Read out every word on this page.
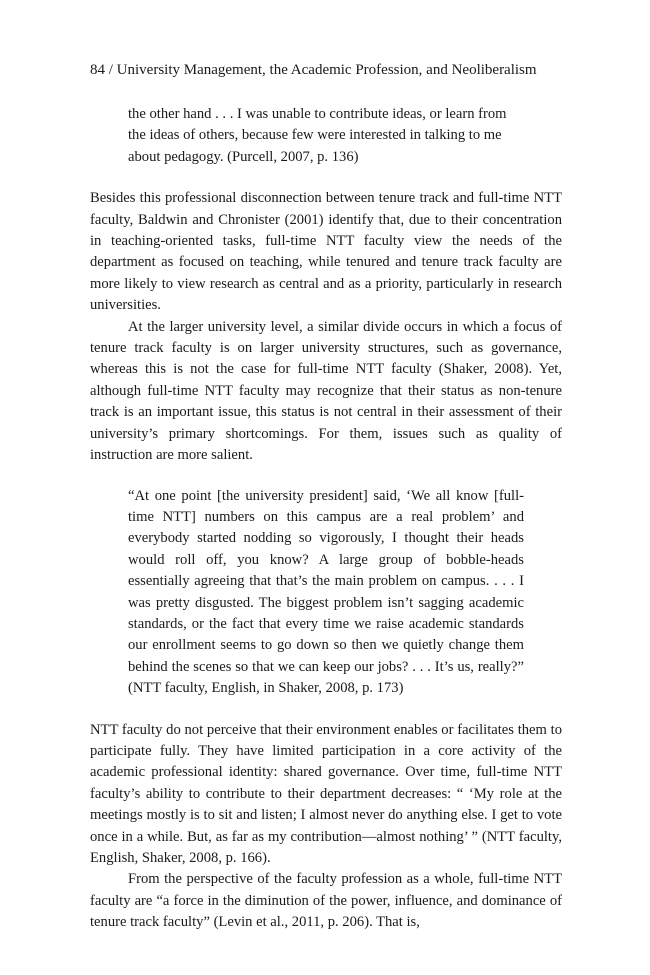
84 / University Management, the Academic Profession, and Neoliberalism

the other hand . . . I was unable to contribute ideas, or learn from the ideas of others, because few were interested in talking to me about pedagogy. (Purcell, 2007, p. 136)

Besides this professional disconnection between tenure track and full-time NTT faculty, Baldwin and Chronister (2001) identify that, due to their concentration in teaching-oriented tasks, full-time NTT faculty view the needs of the department as focused on teaching, while tenured and tenure track faculty are more likely to view research as central and as a priority, particularly in research universities.

At the larger university level, a similar divide occurs in which a focus of tenure track faculty is on larger university structures, such as governance, whereas this is not the case for full-time NTT faculty (Shaker, 2008). Yet, although full-time NTT faculty may recognize that their status as non-tenure track is an important issue, this status is not central in their assessment of their university’s primary shortcomings. For them, issues such as quality of instruction are more salient.

“At one point [the university president] said, ‘We all know [full-time NTT] numbers on this campus are a real problem’ and everybody started nodding so vigorously, I thought their heads would roll off, you know? A large group of bobble-heads essentially agreeing that that’s the main problem on campus. . . . I was pretty disgusted. The biggest problem isn’t sagging academic standards, or the fact that every time we raise academic standards our enrollment seems to go down so then we quietly change them behind the scenes so that we can keep our jobs? . . . It’s us, really?” (NTT faculty, English, in Shaker, 2008, p. 173)

NTT faculty do not perceive that their environment enables or facilitates them to participate fully. They have limited participation in a core activity of the academic professional identity: shared governance. Over time, full-time NTT faculty’s ability to contribute to their department decreases: “ ‘My role at the meetings mostly is to sit and listen; I almost never do anything else. I get to vote once in a while. But, as far as my contribution—almost nothing’ ” (NTT faculty, English, Shaker, 2008, p. 166).

From the perspective of the faculty profession as a whole, full-time NTT faculty are “a force in the diminution of the power, influence, and dominance of tenure track faculty” (Levin et al., 2011, p. 206). That is,
